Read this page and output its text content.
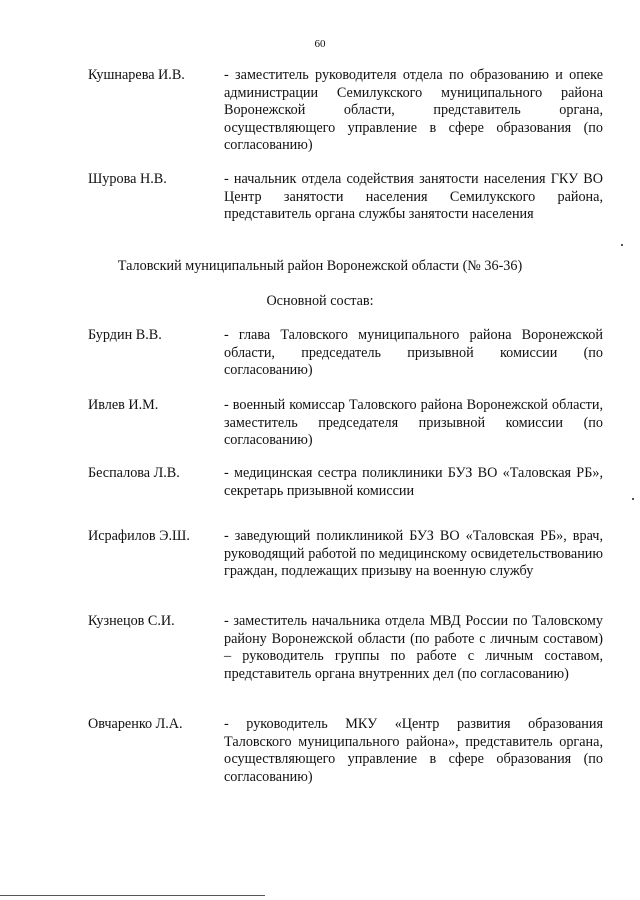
60
Кушнарева И.В.	- заместитель руководителя отдела по образованию и опеке администрации Семилукского муниципального района Воронежской области, представитель органа, осуществляющего управление в сфере образования (по согласованию)
Шурова Н.В.	- начальник отдела содействия занятости населения ГКУ ВО Центр занятости населения Семилукского района, представитель органа службы занятости населения
Таловский муниципальный район Воронежской области (№ 36-36)
Основной состав:
Бурдин В.В.	- глава Таловского муниципального района Воронежской области, председатель призывной комиссии (по согласованию)
Ивлев И.М.	- военный комиссар Таловского района Воронежской области, заместитель председателя призывной комиссии (по согласованию)
Беспалова Л.В.	- медицинская сестра поликлиники БУЗ ВО «Таловская РБ», секретарь призывной комиссии
Исрафилов Э.Ш.	- заведующий поликлиникой БУЗ ВО «Таловская РБ», врач, руководящий работой по медицинскому освидетельствованию граждан, подлежащих призыву на военную службу
Кузнецов С.И.	- заместитель начальника отдела МВД России по Таловскому району Воронежской области (по работе с личным составом) – руководитель группы по работе с личным составом, представитель органа внутренних дел (по согласованию)
Овчаренко Л.А.	- руководитель МКУ «Центр развития образования Таловского муниципального района», представитель органа, осуществляющего управление в сфере образования (по согласованию)
